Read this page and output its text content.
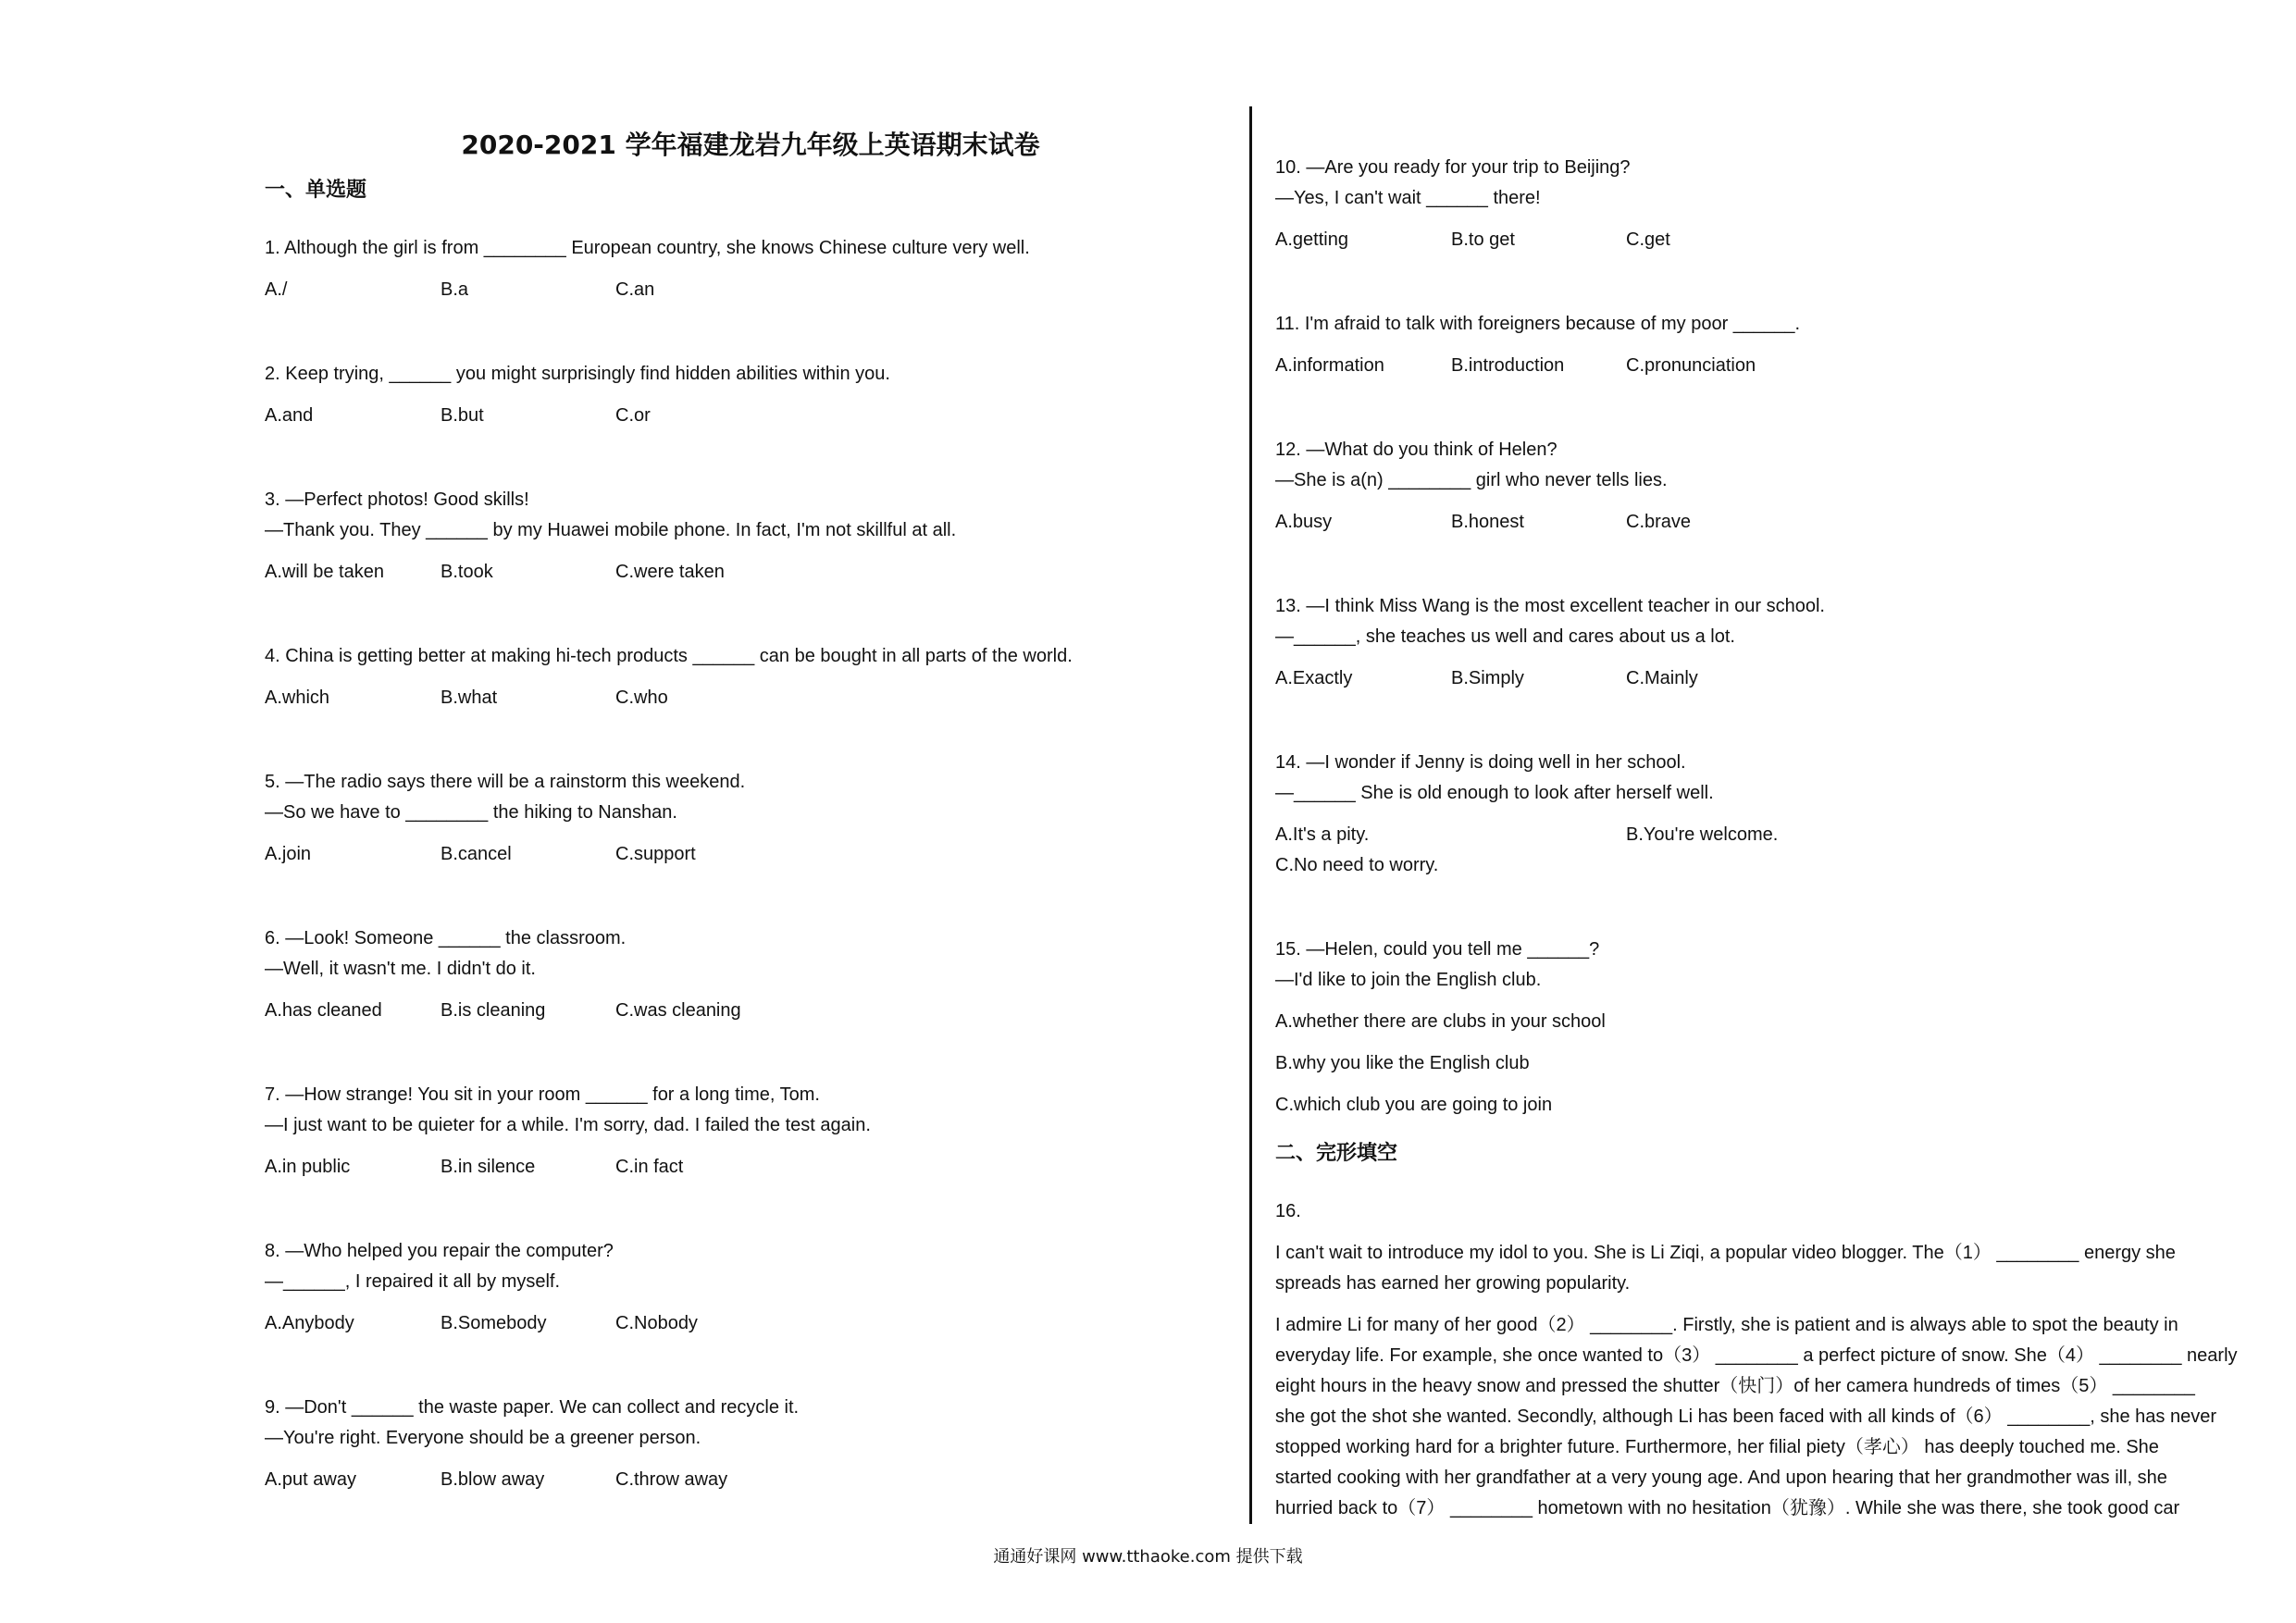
2020-2021 学年福建龙岩九年级上英语期末试卷
一、单选题
1. Although the girl is from ________ European country, she knows Chinese culture very well.
A./	B.a	C.an
2. Keep trying, ______ you might surprisingly find hidden abilities within you.
A.and	B.but	C.or
3. —Perfect photos! Good skills!
—Thank you. They ______ by my Huawei mobile phone. In fact, I'm not skillful at all.
A.will be taken	B.took	C.were taken
4. China is getting better at making hi-tech products ______ can be bought in all parts of the world.
A.which	B.what	C.who
5. —The radio says there will be a rainstorm this weekend.
—So we have to ________ the hiking to Nanshan.
A.join	B.cancel	C.support
6. —Look! Someone ______ the classroom.
—Well, it wasn't me. I didn't do it.
A.has cleaned	B.is cleaning	C.was cleaning
7. —How strange! You sit in your room ______ for a long time, Tom.
—I just want to be quieter for a while. I'm sorry, dad. I failed the test again.
A.in public	B.in silence	C.in fact
8. —Who helped you repair the computer?
—______, I repaired it all by myself.
A.Anybody	B.Somebody	C.Nobody
9. —Don't ______ the waste paper. We can collect and recycle it.
—You're right. Everyone should be a greener person.
A.put away	B.blow away	C.throw away
10. —Are you ready for your trip to Beijing?
—Yes, I can't wait ______ there!
A.getting	B.to get	C.get
11. I'm afraid to talk with foreigners because of my poor ______.
A.information	B.introduction	C.pronunciation
12. —What do you think of Helen?
—She is a(n) ________ girl who never tells lies.
A.busy	B.honest	C.brave
13. —I think Miss Wang is the most excellent teacher in our school.
—______, she teaches us well and cares about us a lot.
A.Exactly	B.Simply	C.Mainly
14. —I wonder if Jenny is doing well in her school.
—______ She is old enough to look after herself well.
A.It's a pity.	B.You're welcome.
C.No need to worry.
15. —Helen, could you tell me ______?
—I'd like to join the English club.
A.whether there are clubs in your school
B.why you like the English club
C.which club you are going to join
二、完形填空
16.
I can't wait to introduce my idol to you. She is Li Ziqi, a popular video blogger. The（1） ________ energy she
spreads has earned her growing popularity.
I admire Li for many of her good（2） ________. Firstly, she is patient and is always able to spot the beauty in
everyday life. For example, she once wanted to（3） ________ a perfect picture of snow. She（4） ________ nearly
eight hours in the heavy snow and pressed the shutter（快门）of her camera hundreds of times（5） ________
she got the shot she wanted. Secondly, although Li has been faced with all kinds of（6） ________, she has never
stopped working hard for a brighter future. Furthermore, her filial piety（孝心） has deeply touched me. She
started cooking with her grandfather at a very young age. And upon hearing that her grandmother was ill, she
hurried back to（7） ________ hometown with no hesitation（犹豫）. While she was there, she took good car
通通好课网 www.tthaoke.com 提供下载
